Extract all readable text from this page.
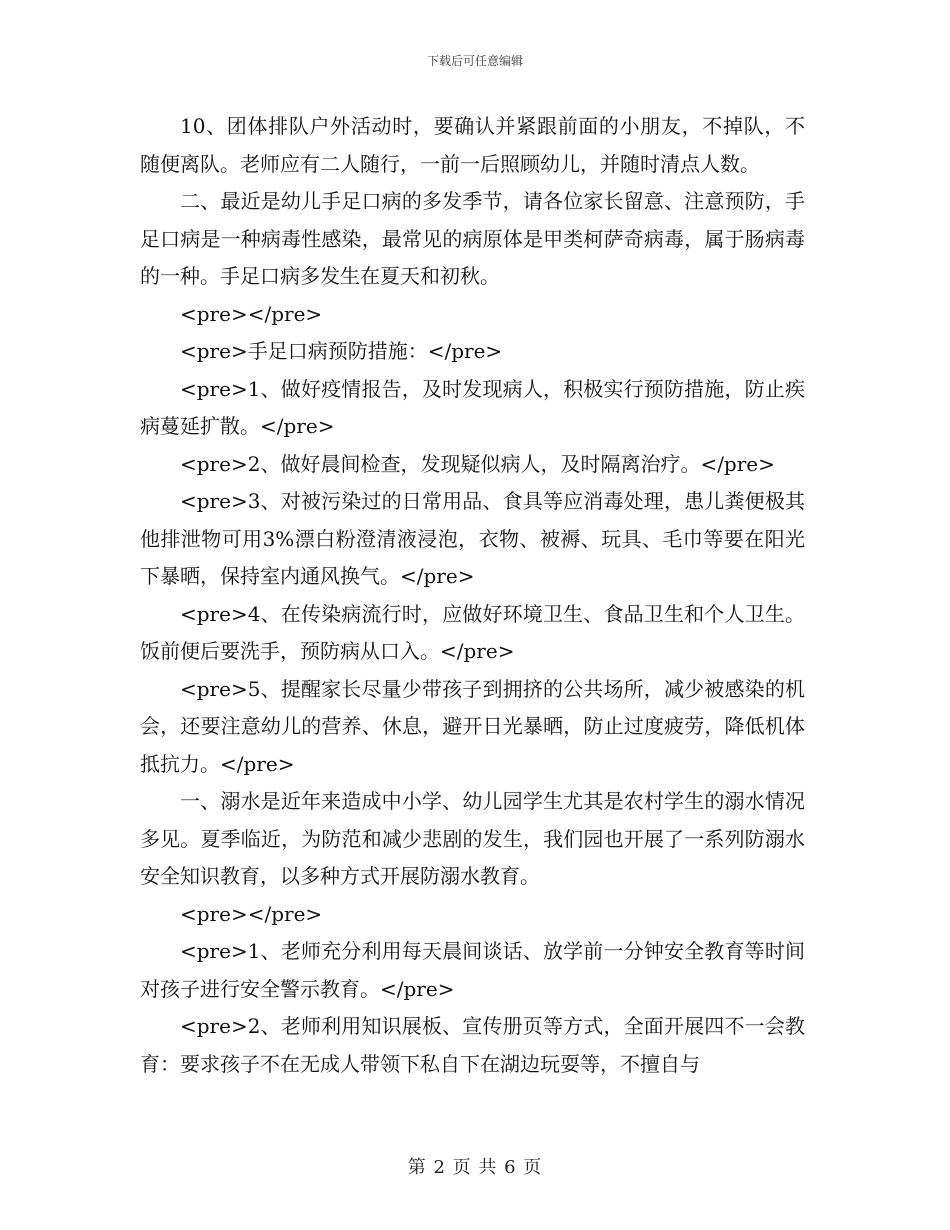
下载后可任意编辑

10、团体排队户外活动时，要确认并紧跟前面的小朋友，不掉队，不随便离队。老师应有二人随行，一前一后照顾幼儿，并随时清点人数。

二、最近是幼儿手足口病的多发季节，请各位家长留意、注意预防，手足口病是一种病毒性感染，最常见的病原体是甲类柯萨奇病毒，属于肠病毒的一种。手足口病多发生在夏天和初秋。

<pre></pre>

<pre>手足口病预防措施：</pre>

<pre>1、做好疫情报告，及时发现病人，积极实行预防措施，防止疾病蔓延扩散。</pre>

<pre>2、做好晨间检查，发现疑似病人，及时隔离治疗。</pre>

<pre>3、对被污染过的日常用品、食具等应消毒处理，患儿粪便极其他排泄物可用3%漂白粉澄清液浸泡，衣物、被褥、玩具、毛巾等要在阳光下暴晒，保持室内通风换气。</pre>

<pre>4、在传染病流行时，应做好环境卫生、食品卫生和个人卫生。饭前便后要洗手，预防病从口入。</pre>

<pre>5、提醒家长尽量少带孩子到拥挤的公共场所，减少被感染的机会，还要注意幼儿的营养、休息，避开日光暴晒，防止过度疲劳，降低机体抵抗力。</pre>

一、溺水是近年来造成中小学、幼儿园学生尤其是农村学生的溺水情况多见。夏季临近，为防范和减少悲剧的发生，我们园也开展了一系列防溺水安全知识教育，以多种方式开展防溺水教育。

<pre></pre>

<pre>1、老师充分利用每天晨间谈话、放学前一分钟安全教育等时间对孩子进行安全警示教育。</pre>

<pre>2、老师利用知识展板、宣传册页等方式，全面开展四不一会教育：要求孩子不在无成人带领下私自下在湖边玩耍等，不擅自与

第 2 页 共 6 页
